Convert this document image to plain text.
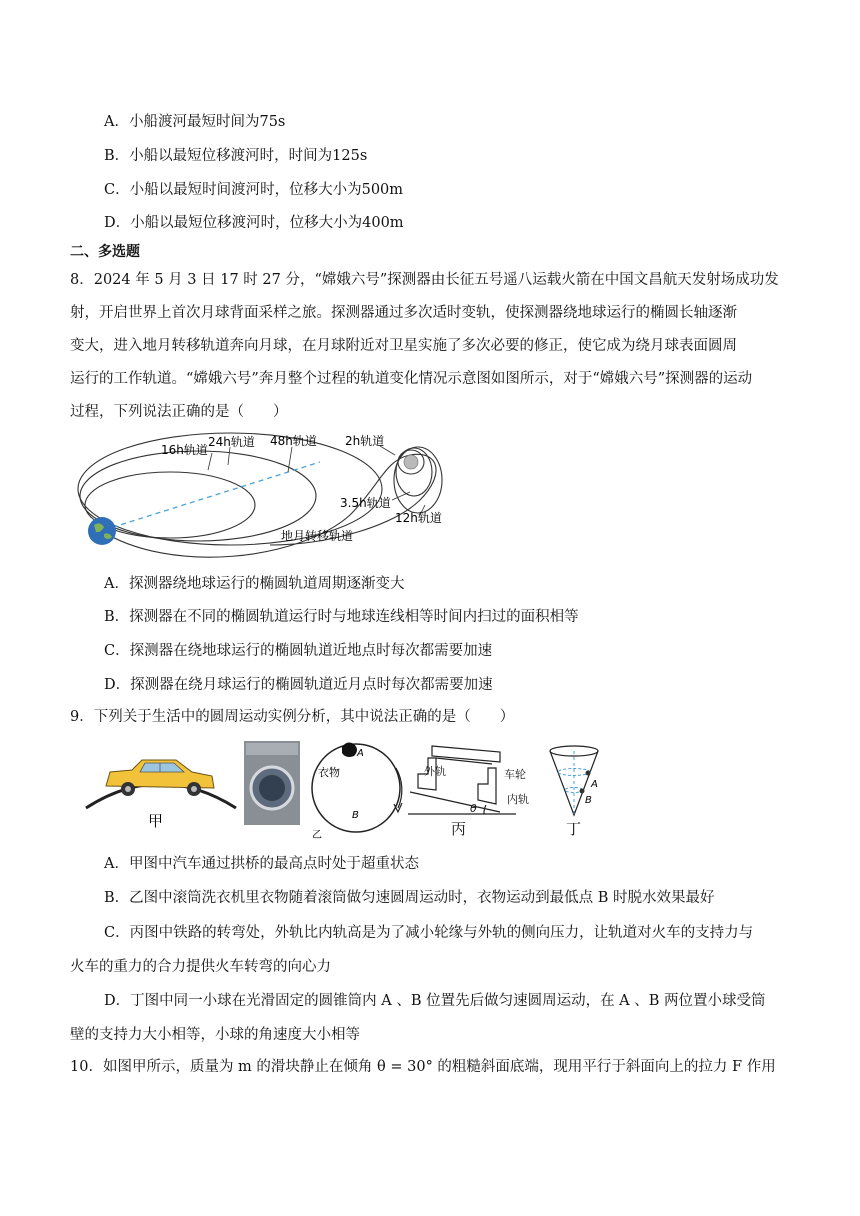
A．小船渡河最短时间为75s
B．小船以最短位移渡河时，时间为125s
C．小船以最短时间渡河时，位移大小为500m
D．小船以最短位移渡河时，位移大小为400m
二、多选题
8．2024 年 5 月 3 日 17 时 27 分，“嫦娥六号”探测器由长征五号遥八运载火箭在中国文昌航天发射场成功发
射，开启世界上首次月球背面采样之旅。探测器通过多次适时变轨，使探测器绕地球运行的椭圆长轴逐渐
变大，进入地月转移轨道奔向月球，在月球附近对卫星实施了多次必要的修正，使它成为绕月球表面圆周
运行的工作轨道。“嫦娥六号”奔月整个过程的轨道变化情况示意图如图所示，对于“嫦娥六号”探测器的运动
过程，下列说法正确的是（　　）
16h轨道
24h轨道 48h轨道 2h轨道
3.5h轨道
12h轨道
地月转移轨道
A．探测器绕地球运行的椭圆轨道周期逐渐变大
B．探测器在不同的椭圆轨道运行时与地球连线相等时间内扫过的面积相等
C．探测器在绕地球运行的椭圆轨道近地点时每次都需要加速
D．探测器在绕月球运行的椭圆轨道近月点时每次都需要加速
9．下列关于生活中的圆周运动实例分析，其中说法正确的是（　　）
甲
衣物
A
B
乙
外轨	车轮
内轨
θ
丙
A
B
丁
A．甲图中汽车通过拱桥的最高点时处于超重状态
B．乙图中滚筒洗衣机里衣物随着滚筒做匀速圆周运动时，衣物运动到最低点 B 时脱水效果最好
C．丙图中铁路的转弯处，外轨比内轨高是为了减小轮缘与外轨的侧向压力，让轨道对火车的支持力与
火车的重力的合力提供火车转弯的向心力
D．丁图中同一小球在光滑固定的圆锥筒内 A 、B 位置先后做匀速圆周运动，在 A 、B 两位置小球受筒
壁的支持力大小相等，小球的角速度大小相等
10．如图甲所示，质量为 m 的滑块静止在倾角 θ = 30° 的粗糙斜面底端，现用平行于斜面向上的拉力 F 作用
